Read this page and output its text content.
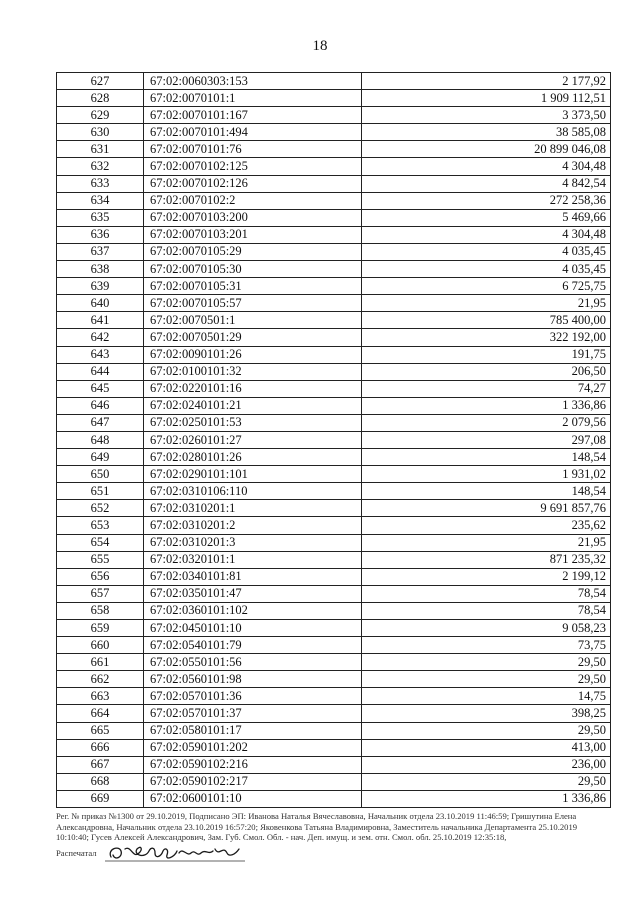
18
627	67:02:0060303:153	2 177,92
628	67:02:0070101:1	1 909 112,51
629	67:02:0070101:167	3 373,50
630	67:02:0070101:494	38 585,08
631	67:02:0070101:76	20 899 046,08
632	67:02:0070102:125	4 304,48
633	67:02:0070102:126	4 842,54
634	67:02:0070102:2	272 258,36
635	67:02:0070103:200	5 469,66
636	67:02:0070103:201	4 304,48
637	67:02:0070105:29	4 035,45
638	67:02:0070105:30	4 035,45
639	67:02:0070105:31	6 725,75
640	67:02:0070105:57	21,95
641	67:02:0070501:1	785 400,00
642	67:02:0070501:29	322 192,00
643	67:02:0090101:26	191,75
644	67:02:0100101:32	206,50
645	67:02:0220101:16	74,27
646	67:02:0240101:21	1 336,86
647	67:02:0250101:53	2 079,56
648	67:02:0260101:27	297,08
649	67:02:0280101:26	148,54
650	67:02:0290101:101	1 931,02
651	67:02:0310106:110	148,54
652	67:02:0310201:1	9 691 857,76
653	67:02:0310201:2	235,62
654	67:02:0310201:3	21,95
655	67:02:0320101:1	871 235,32
656	67:02:0340101:81	2 199,12
657	67:02:0350101:47	78,54
658	67:02:0360101:102	78,54
659	67:02:0450101:10	9 058,23
660	67:02:0540101:79	73,75
661	67:02:0550101:56	29,50
662	67:02:0560101:98	29,50
663	67:02:0570101:36	14,75
664	67:02:0570101:37	398,25
665	67:02:0580101:17	29,50
666	67:02:0590101:202	413,00
667	67:02:0590102:216	236,00
668	67:02:0590102:217	29,50
669	67:02:0600101:10	1 336,86
Рег. № приказ №1300 от 29.10.2019, Подписано ЭП: Иванова Наталья Вячеславовна, Начальник отдела 23.10.2019 11:46:59; Гришутина Елена
Александровна, Начальник отдела 23.10.2019 16:57:20; Яковенкова Татьяна Владимировна, Заместитель начальника Департамента 25.10.2019
10:10:40; Гусев Алексей Александрович, Зам. Губ. Смол. Обл. - нач. Деп. имущ. и зем. отн. Смол. обл. 25.10.2019 12:35:18,
Распечатал
